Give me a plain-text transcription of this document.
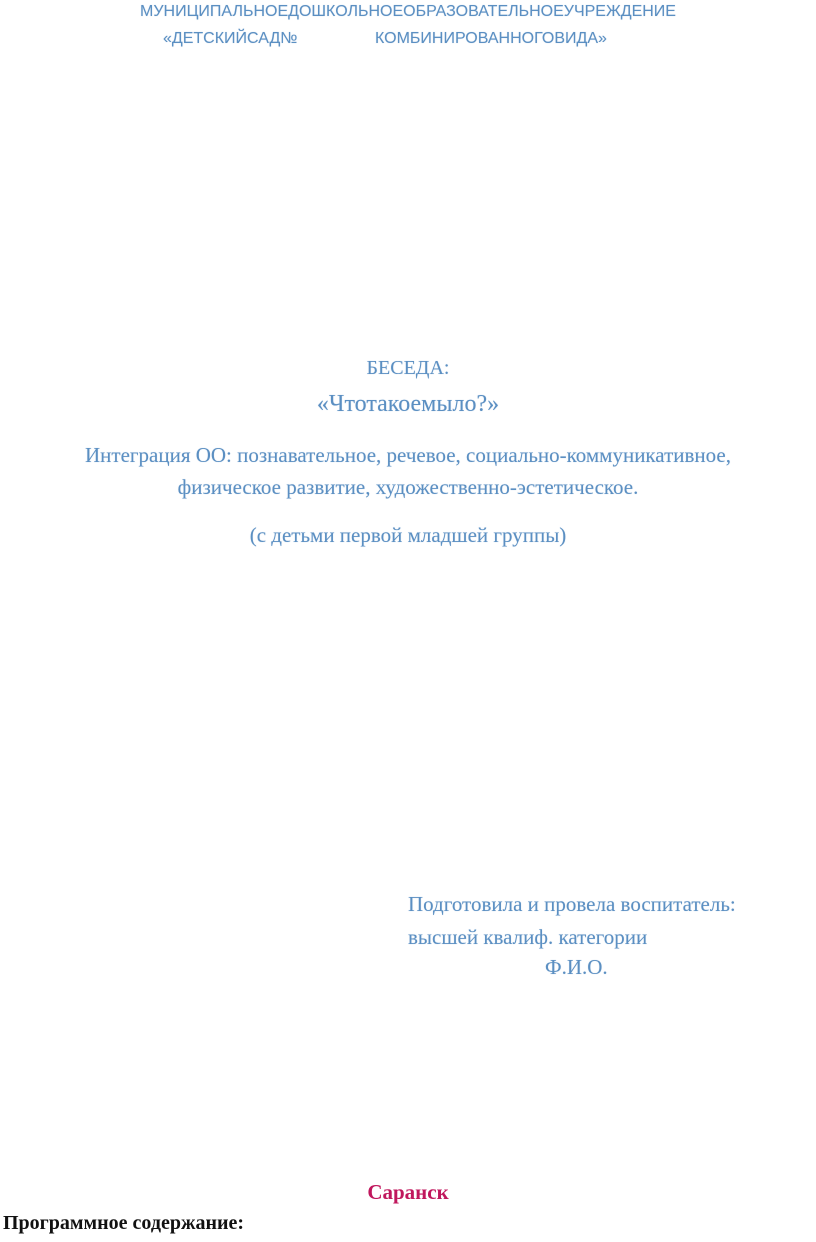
МУНИЦИПАЛЬНОЕДОШКОЛЬНОЕОБРАЗОВАТЕЛЬНОЕУЧРЕЖДЕНИЕ
«ДЕТСКИЙСАД№	КОМБИНИРОВАННОГОВИДА»
БЕСЕДА:
«Чтотакоемыло?»
Интеграция ОО: познавательное, речевое, социально-коммуникативное,
физическое развитие, художественно-эстетическое.
(с детьми первой младшей группы)
Подготовила и провела воспитатель:
высшей квалиф. категории
Ф.И.О.
Саранск
Программное содержание:
